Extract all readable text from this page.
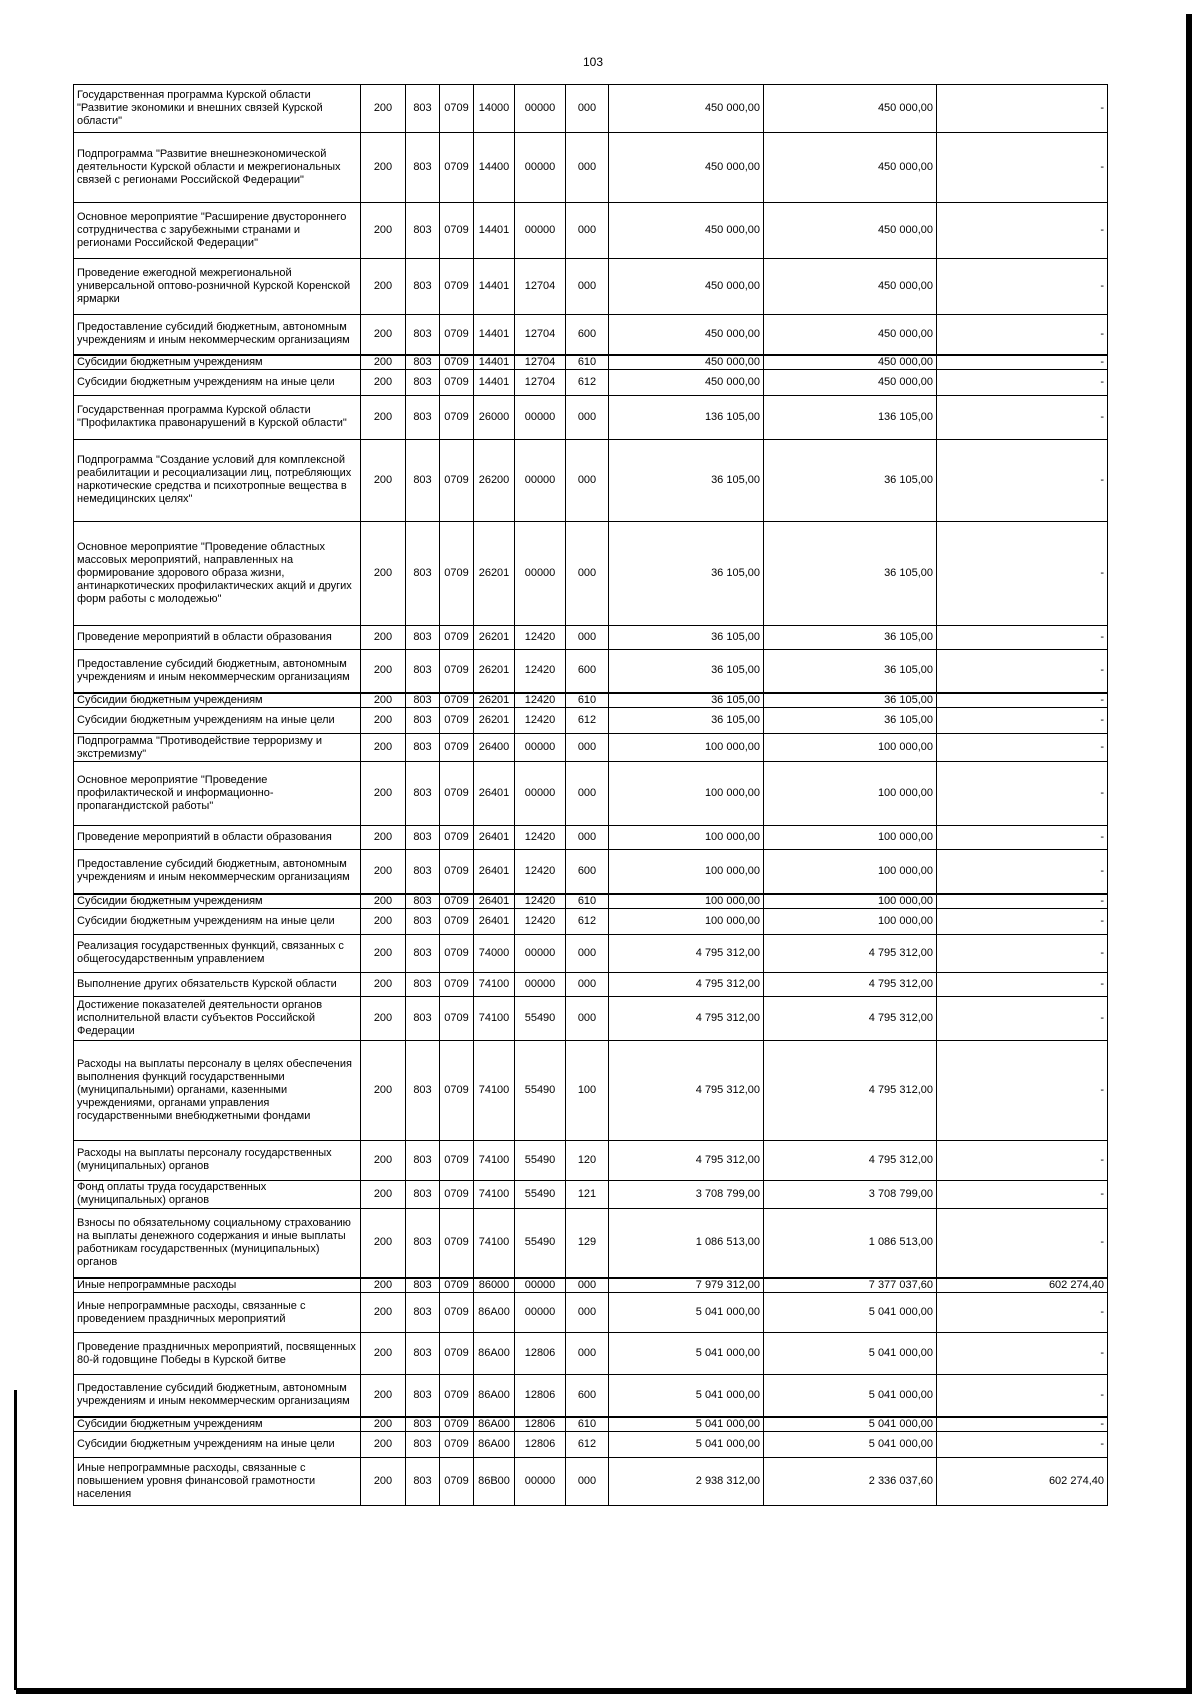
103
Государственная программа Курской области "Развитие экономики и внешних связей Курской области"	200	803	0709	14000	00000	000	450 000,00	450 000,00	-
Подпрограмма "Развитие внешнеэкономической деятельности Курской области и межрегиональных связей с регионами Российской Федерации"	200	803	0709	14400	00000	000	450 000,00	450 000,00	-
Основное мероприятие "Расширение двустороннего сотрудничества с зарубежными странами и регионами Российской Федерации"	200	803	0709	14401	00000	000	450 000,00	450 000,00	-
Проведение ежегодной межрегиональной универсальной оптово-розничной Курской Коренской ярмарки	200	803	0709	14401	12704	000	450 000,00	450 000,00	-
Предоставление субсидий бюджетным, автономным учреждениям и иным некоммерческим организациям	200	803	0709	14401	12704	600	450 000,00	450 000,00	-
Субсидии бюджетным учреждениям	200	803	0709	14401	12704	610	450 000,00	450 000,00	-
Субсидии бюджетным учреждениям на иные цели	200	803	0709	14401	12704	612	450 000,00	450 000,00	-
Государственная программа Курской области "Профилактика правонарушений в Курской области"	200	803	0709	26000	00000	000	136 105,00	136 105,00	-
Подпрограмма "Создание условий для комплексной реабилитации и ресоциализации лиц, потребляющих наркотические средства и психотропные вещества в немедицинских целях"	200	803	0709	26200	00000	000	36 105,00	36 105,00	-
Основное мероприятие "Проведение областных массовых мероприятий, направленных на формирование здорового образа жизни, антинаркотических профилактических акций и других форм работы с молодежью"	200	803	0709	26201	00000	000	36 105,00	36 105,00	-
Проведение мероприятий в области образования	200	803	0709	26201	12420	000	36 105,00	36 105,00	-
Предоставление субсидий бюджетным, автономным учреждениям и иным некоммерческим организациям	200	803	0709	26201	12420	600	36 105,00	36 105,00	-
Субсидии бюджетным учреждениям	200	803	0709	26201	12420	610	36 105,00	36 105,00	-
Субсидии бюджетным учреждениям на иные цели	200	803	0709	26201	12420	612	36 105,00	36 105,00	-
Подпрограмма "Противодействие терроризму и экстремизму"	200	803	0709	26400	00000	000	100 000,00	100 000,00	-
Основное мероприятие "Проведение профилактической и информационно-пропагандистской работы"	200	803	0709	26401	00000	000	100 000,00	100 000,00	-
Проведение мероприятий в области образования	200	803	0709	26401	12420	000	100 000,00	100 000,00	-
Предоставление субсидий бюджетным, автономным учреждениям и иным некоммерческим организациям	200	803	0709	26401	12420	600	100 000,00	100 000,00	-
Субсидии бюджетным учреждениям	200	803	0709	26401	12420	610	100 000,00	100 000,00	-
Субсидии бюджетным учреждениям на иные цели	200	803	0709	26401	12420	612	100 000,00	100 000,00	-
Реализация государственных функций, связанных с общегосударственным управлением	200	803	0709	74000	00000	000	4 795 312,00	4 795 312,00	-
Выполнение других обязательств Курской области	200	803	0709	74100	00000	000	4 795 312,00	4 795 312,00	-
Достижение показателей деятельности органов исполнительной власти субъектов Российской Федерации	200	803	0709	74100	55490	000	4 795 312,00	4 795 312,00	-
Расходы на выплаты персоналу в целях обеспечения выполнения функций государственными (муниципальными) органами, казенными учреждениями, органами управления государственными внебюджетными фондами	200	803	0709	74100	55490	100	4 795 312,00	4 795 312,00	-
Расходы на выплаты персоналу государственных (муниципальных) органов	200	803	0709	74100	55490	120	4 795 312,00	4 795 312,00	-
Фонд оплаты труда государственных (муниципальных) органов	200	803	0709	74100	55490	121	3 708 799,00	3 708 799,00	-
Взносы по обязательному социальному страхованию на выплаты денежного содержания и иные выплаты работникам государственных (муниципальных) органов	200	803	0709	74100	55490	129	1 086 513,00	1 086 513,00	-
Иные непрограммные расходы	200	803	0709	86000	00000	000	7 979 312,00	7 377 037,60	602 274,40
Иные непрограммные расходы, связанные с проведением праздничных мероприятий	200	803	0709	86А00	00000	000	5 041 000,00	5 041 000,00	-
Проведение праздничных мероприятий, посвященных 80-й годовщине Победы в Курской битве	200	803	0709	86А00	12806	000	5 041 000,00	5 041 000,00	-
Предоставление субсидий бюджетным, автономным учреждениям и иным некоммерческим организациям	200	803	0709	86А00	12806	600	5 041 000,00	5 041 000,00	-
Субсидии бюджетным учреждениям	200	803	0709	86А00	12806	610	5 041 000,00	5 041 000,00	-
Субсидии бюджетным учреждениям на иные цели	200	803	0709	86А00	12806	612	5 041 000,00	5 041 000,00	-
Иные непрограммные расходы, связанные с повышением уровня финансовой грамотности населения	200	803	0709	86В00	00000	000	2 938 312,00	2 336 037,60	602 274,40
